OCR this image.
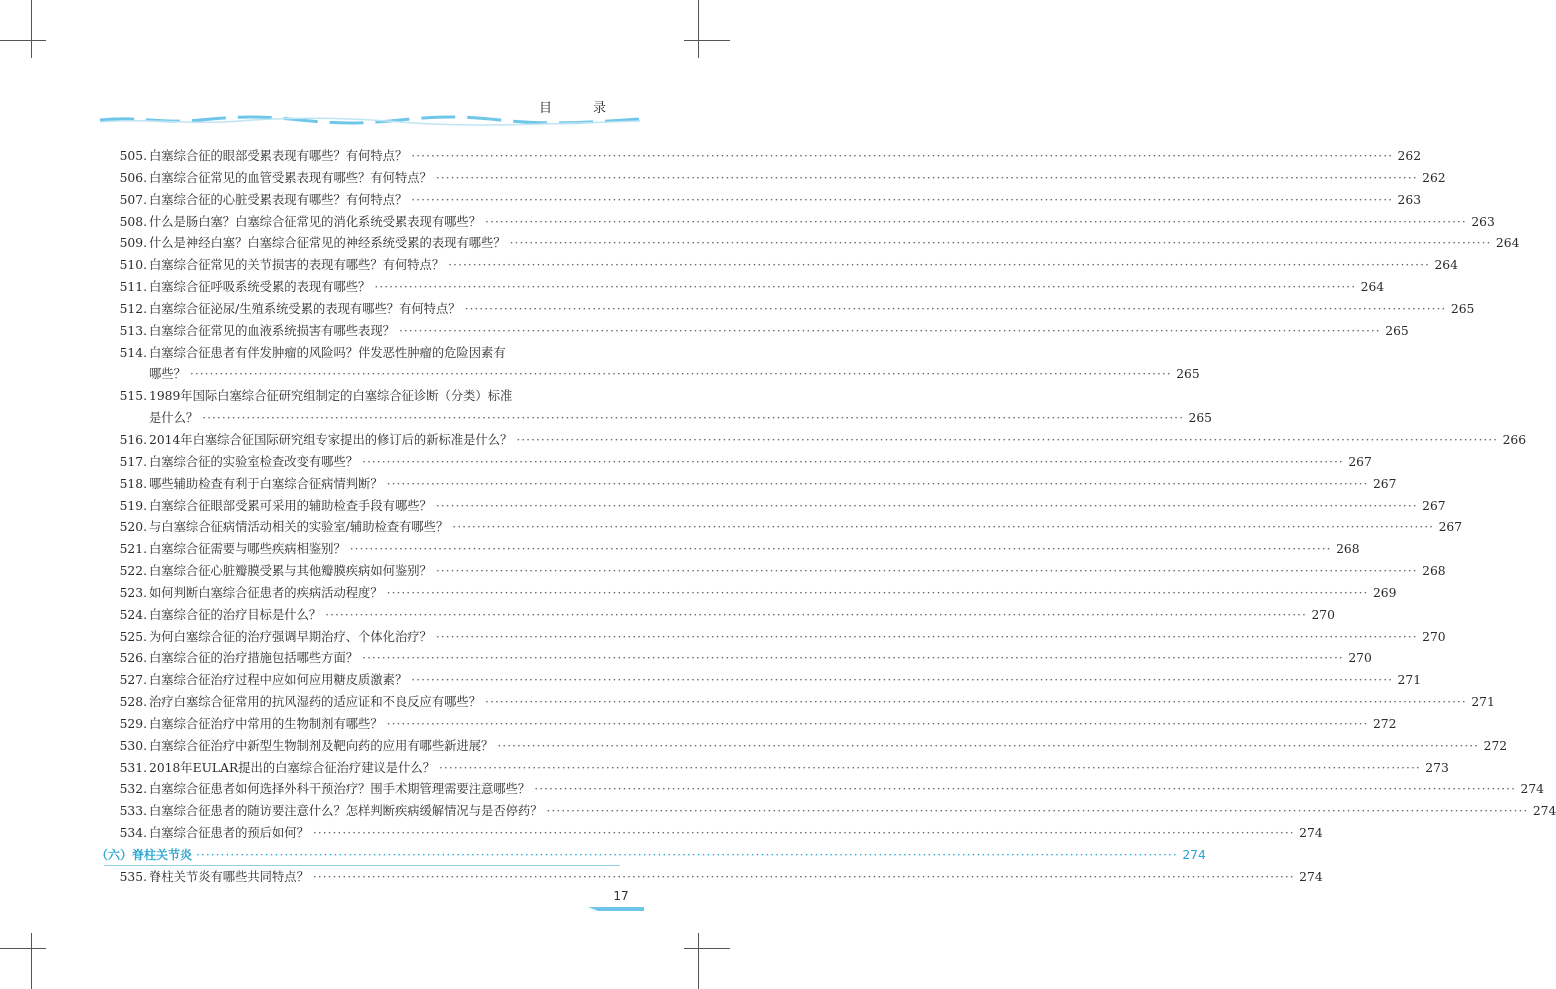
目　录
505. 白塞综合征的眼部受累表现有哪些？有何特点？ ········································································································································································································ 262
506. 白塞综合征常见的血管受累表现有哪些？有何特点？ ········································································································································································································ 262
507. 白塞综合征的心脏受累表现有哪些？有何特点？ ········································································································································································································ 263
508. 什么是肠白塞？白塞综合征常见的消化系统受累表现有哪些？ ········································································································································································································ 263
509. 什么是神经白塞？白塞综合征常见的神经系统受累的表现有哪些？ ········································································································································································································ 264
510. 白塞综合征常见的关节损害的表现有哪些？有何特点？ ········································································································································································································ 264
511. 白塞综合征呼吸系统受累的表现有哪些？ ········································································································································································································ 264
512. 白塞综合征泌尿/生殖系统受累的表现有哪些？有何特点？ ········································································································································································································ 265
513. 白塞综合征常见的血液系统损害有哪些表现？ ········································································································································································································ 265
514. 白塞综合征患者有伴发肿瘤的风险吗？伴发恶性肿瘤的危险因素有
哪些？ ········································································································································································································ 265
515. 1989年国际白塞综合征研究组制定的白塞综合征诊断（分类）标准
是什么？ ········································································································································································································ 265
516. 2014年白塞综合征国际研究组专家提出的修订后的新标准是什么？ ········································································································································································································ 266
517. 白塞综合征的实验室检查改变有哪些？ ········································································································································································································ 267
518. 哪些辅助检查有利于白塞综合征病情判断？ ········································································································································································································ 267
519. 白塞综合征眼部受累可采用的辅助检查手段有哪些？ ········································································································································································································ 267
520. 与白塞综合征病情活动相关的实验室/辅助检查有哪些？ ········································································································································································································ 267
521. 白塞综合征需要与哪些疾病相鉴别？ ········································································································································································································ 268
522. 白塞综合征心脏瓣膜受累与其他瓣膜疾病如何鉴别？ ········································································································································································································ 268
523. 如何判断白塞综合征患者的疾病活动程度？ ········································································································································································································ 269
524. 白塞综合征的治疗目标是什么？ ········································································································································································································ 270
525. 为何白塞综合征的治疗强调早期治疗、个体化治疗？ ········································································································································································································ 270
526. 白塞综合征的治疗措施包括哪些方面？ ········································································································································································································ 270
527. 白塞综合征治疗过程中应如何应用糖皮质激素？ ········································································································································································································ 271
528. 治疗白塞综合征常用的抗风湿药的适应证和不良反应有哪些？ ········································································································································································································ 271
529. 白塞综合征治疗中常用的生物制剂有哪些？ ········································································································································································································ 272
530. 白塞综合征治疗中新型生物制剂及靶向药的应用有哪些新进展？ ········································································································································································································ 272
531. 2018年EULAR提出的白塞综合征治疗建议是什么？ ········································································································································································································ 273
532. 白塞综合征患者如何选择外科干预治疗？围手术期管理需要注意哪些？ ········································································································································································································ 274
533. 白塞综合征患者的随访要注意什么？怎样判断疾病缓解情况与是否停药？ ········································································································································································································ 274
534. 白塞综合征患者的预后如何？ ········································································································································································································ 274
（六）脊柱关节炎 ········································································································································································································ 274
535. 脊柱关节炎有哪些共同特点？ ········································································································································································································ 274
17
